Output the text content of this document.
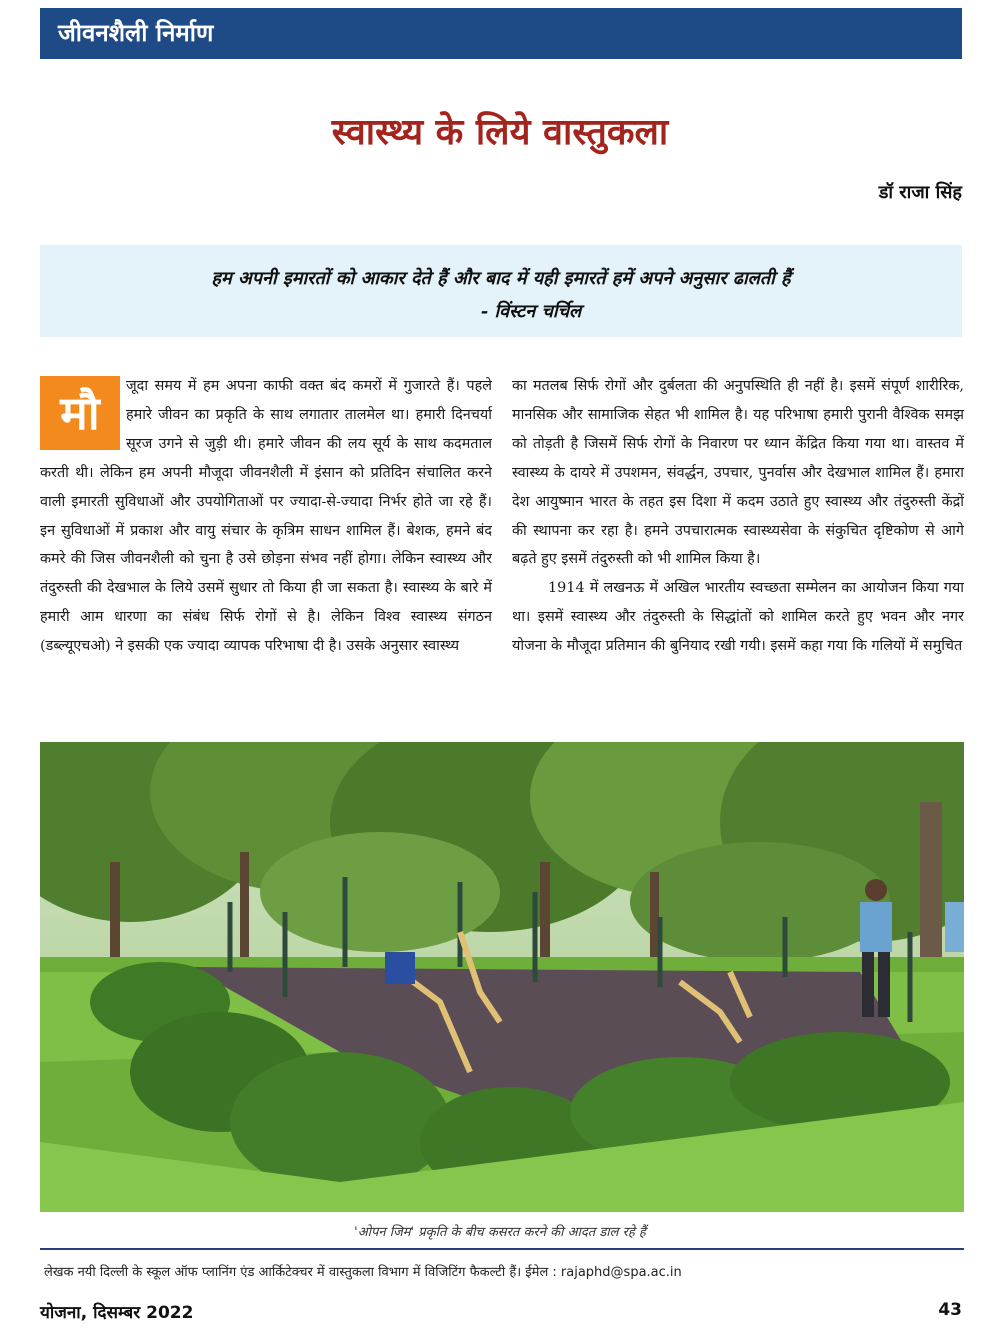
जीवनशैली निर्माण
स्वास्थ्य के लिये वास्तुकला
डॉ राजा सिंह
हम अपनी इमारतों को आकार देते हैं और बाद में यही इमारतें हमें अपने अनुसार ढालती हैं
- विंस्टन चर्चिल
मौ	जूदा समय में हम अपना काफी वक्त बंद कमरों में गुजारते हैं। पहले हमारे जीवन का प्रकृति के साथ लगातार तालमेल था। हमारी दिनचर्या सूरज उगने से जुड़ी थी। हमारे जीवन की लय सूर्य के साथ कदमताल करती थी। लेकिन हम अपनी मौजूदा जीवनशैली में इंसान को प्रतिदिन संचालित करने वाली इमारती सुविधाओं और उपयोगिताओं पर ज्यादा-से-ज्यादा निर्भर होते जा रहे हैं। इन सुविधाओं में प्रकाश और वायु संचार के कृत्रिम साधन शामिल हैं। बेशक, हमने बंद कमरे की जिस जीवनशैली को चुना है उसे छोड़ना संभव नहीं होगा। लेकिन स्वास्थ्य और तंदुरुस्ती की देखभाल के लिये उसमें सुधार तो किया ही जा सकता है। स्वास्थ्य के बारे में हमारी आम धारणा का संबंध सिर्फ रोगों से है। लेकिन विश्व स्वास्थ्य संगठन (डब्ल्यूएचओ) ने इसकी एक ज्यादा व्यापक परिभाषा दी है। उसके अनुसार स्वास्थ्य
का मतलब सिर्फ रोगों और दुर्बलता की अनुपस्थिति ही नहीं है। इसमें संपूर्ण शारीरिक, मानसिक और सामाजिक सेहत भी शामिल है। यह परिभाषा हमारी पुरानी वैश्विक समझ को तोड़ती है जिसमें सिर्फ रोगों के निवारण पर ध्यान केंद्रित किया गया था। वास्तव में स्वास्थ्य के दायरे में उपशमन, संवर्द्धन, उपचार, पुनर्वास और देखभाल शामिल हैं। हमारा देश आयुष्मान भारत के तहत इस दिशा में कदम उठाते हुए स्वास्थ्य और तंदुरुस्ती केंद्रों की स्थापना कर रहा है। हमने उपचारात्मक स्वास्थ्यसेवा के संकुचित दृष्टिकोण से आगे बढ़ते हुए इसमें तंदुरुस्ती को भी शामिल किया है।
1914 में लखनऊ में अखिल भारतीय स्वच्छता सम्मेलन का आयोजन किया गया था। इसमें स्वास्थ्य और तंदुरुस्ती के सिद्धांतों को शामिल करते हुए भवन और नगर योजना के मौजूदा प्रतिमान की बुनियाद रखी गयी। इसमें कहा गया कि गलियों में समुचित
'ओपन जिम' प्रकृति के बीच कसरत करने की आदत डाल रहे हैं
लेखक नयी दिल्ली के स्कूल ऑफ प्लानिंग एंड आर्किटेक्चर में वास्तुकला विभाग में विजिटिंग फैकल्टी हैं। ईमेल : rajaphd@spa.ac.in
योजना, दिसम्बर 2022	43
